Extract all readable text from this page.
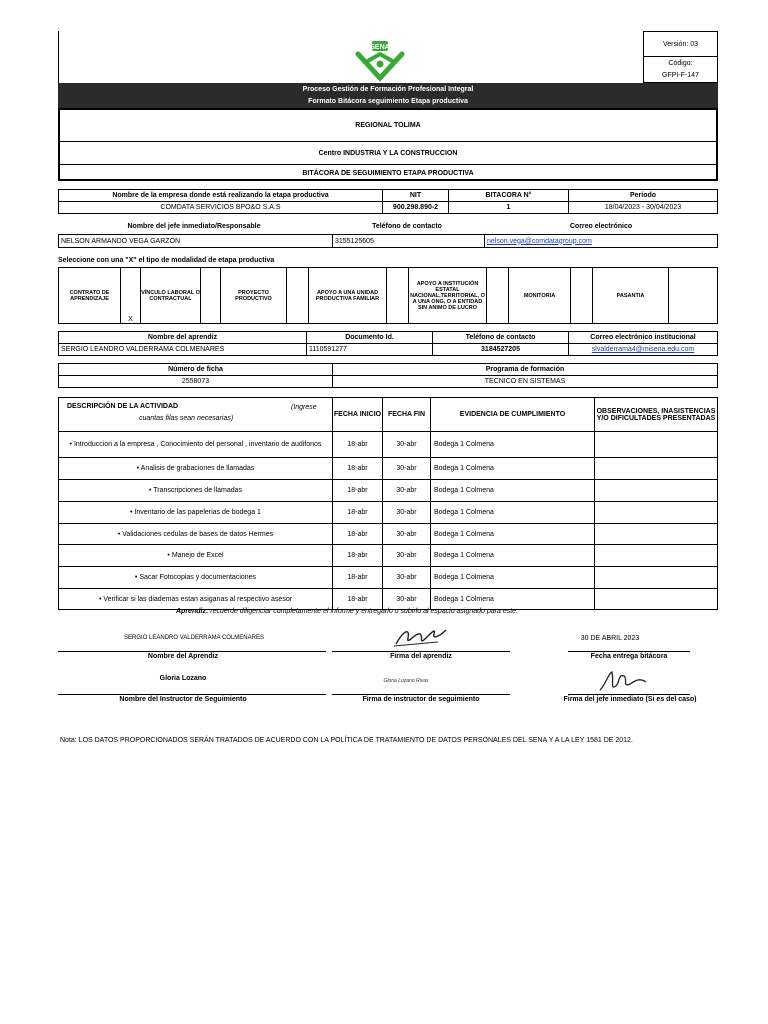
SENA	Versión: 03
Código:
GFPI-F-147
Proceso Gestión de Formación Profesional Integral
Formato Bitácora seguimiento Etapa productiva
REGIONAL TOLIMA
Centro INDUSTRIA Y LA CONSTRUCCION
BITÁCORA DE SEGUIMIENTO ETAPA PRODUCTIVA
Nombre de la empresa donde está realizando la etapa productiva	NIT	BITACORA N°	Período
COMDATA SERVICIOS BPO&O S.A.S	900.298.890-2	1	18/04/2023 - 30/04/2023
Nombre del jefe inmediato/Responsable	Teléfono de contacto	Correo electrónico
NELSON ARMANDO VEGA GARZON	3155125605	nelson.vega@comdatagroup.com
Seleccione con una "X" el tipo de modalidad de etapa productiva
CONTRATO DE APRENDIZAJE	X	VÍNCULO LABORAL O CONTRACTUAL		PROYECTO PRODUCTIVO		APOYO A UNA UNIDAD PRODUCTIVA FAMILIAR		APOYO A INSTITUCIÓN ESTATAL NACIONAL,TERRITORIAL, O A UNA ONG, O A ENTIDAD SIN ANIMO DE LUCRO		MONITORIA		PASANTIA	
Nombre del aprendiz	Documento Id.	Teléfono de contacto	Correo electrónico institucional
SERGIO LEANDRO VALDERRAMA COLMENARES	1110591277	3184527205	slvalderrama4@misena.edu.com
Número de ficha	Programa de formación
2558073	TECNICO EN SISTEMAS
DESCRIPCIÓN DE LA ACTIVIDAD (Ingrese
cuantas filas sean necesarias)	FECHA INICIO	FECHA FIN	EVIDENCIA DE CUMPLIMIENTO	OBSERVACIONES, INASISTENCIAS Y/O DIFICULTADES PRESENTADAS
• Introduccion a la empresa , Conocimiento del personal , inventario de audifonos	18-abr	30-abr	Bodega 1 Colmena	
• Analisis de grabaciones de llamadas	18-abr	30-abr	Bodega 1 Colmena	
• Transcripciones de llamadas	18-abr	30-abr	Bodega 1 Colmena	
• Inventario de las papelerias de bodega 1	18-abr	30-abr	Bodega 1 Colmena	
• Validaciones cedulas de bases de datos Hermes	18-abr	30-abr	Bodega 1 Colmena	
• Manejo de Excel	18-abr	30-abr	Bodega 1 Colmena	
• Sacar Fotocopias y documentaciones	18-abr	30-abr	Bodega 1 Colmena	
• Verificar si las diademas estan asiganas al respectivo asesor	18-abr	30-abr	Bodega 1 Colmena	
Aprendiz: recuerde diligenciar completamente el informe y entregarlo o subirlo al espacio asignado para este.
SERGIO LEANDRO VALDERRAMA COLMENARES	30 DE ABRIL 2023
Nombre del Aprendiz	Firma del aprendiz	Fecha entrega bitácora
Gloria Lozano	Gloria Lozano Rivas
Nombre del Instructor de Seguimiento	Firma de instructor de seguimiento	Firma del jefe inmediato (Si es del caso)
Nota: LOS DATOS PROPORCIONADOS SERÁN TRATADOS DE ACUERDO CON LA POLÍTICA DE TRATAMIENTO DE DATOS PERSONALES DEL SENA Y A LA LEY 1581 DE 2012.
